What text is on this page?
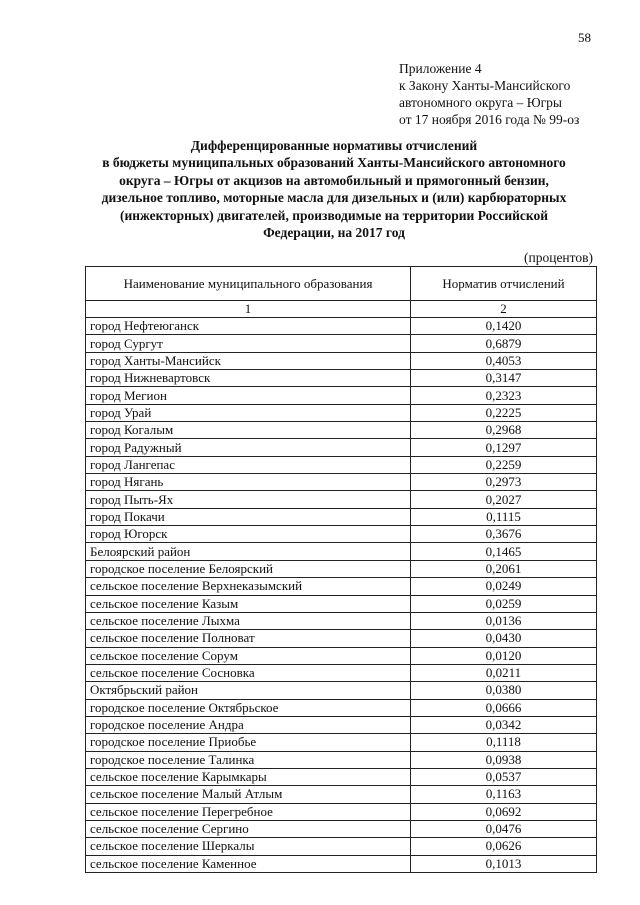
58
Приложение 4
к Закону Ханты-Мансийского
автономного округа – Югры
от 17 ноября 2016 года № 99-оз
Дифференцированные нормативы отчислений
в бюджеты муниципальных образований Ханты-Мансийского автономного
округа – Югры от акцизов на автомобильный и прямогонный бензин,
дизельное топливо, моторные масла для дизельных и (или) карбюраторных
(инжекторных) двигателей, производимые на территории Российской
Федерации, на 2017 год
(процентов)
Наименование муниципального образования	Норматив отчислений
1	2
город Нефтеюганск	0,1420
город Сургут	0,6879
город Ханты-Мансийск	0,4053
город Нижневартовск	0,3147
город Мегион	0,2323
город Урай	0,2225
город Когалым	0,2968
город Радужный	0,1297
город Лангепас	0,2259
город Нягань	0,2973
город Пыть-Ях	0,2027
город Покачи	0,1115
город Югорск	0,3676
Белоярский район	0,1465
городское поселение Белоярский	0,2061
сельское поселение Верхнеказымский	0,0249
сельское поселение Казым	0,0259
сельское поселение Лыхма	0,0136
сельское поселение Полноват	0,0430
сельское поселение Сорум	0,0120
сельское поселение Сосновка	0,0211
Октябрьский район	0,0380
городское поселение Октябрьское	0,0666
городское поселение Андра	0,0342
городское поселение Приобье	0,1118
городское поселение Талинка	0,0938
сельское поселение Карымкары	0,0537
сельское поселение Малый Атлым	0,1163
сельское поселение Перегребное	0,0692
сельское поселение Сергино	0,0476
сельское поселение Шеркалы	0,0626
сельское поселение Каменное	0,1013
